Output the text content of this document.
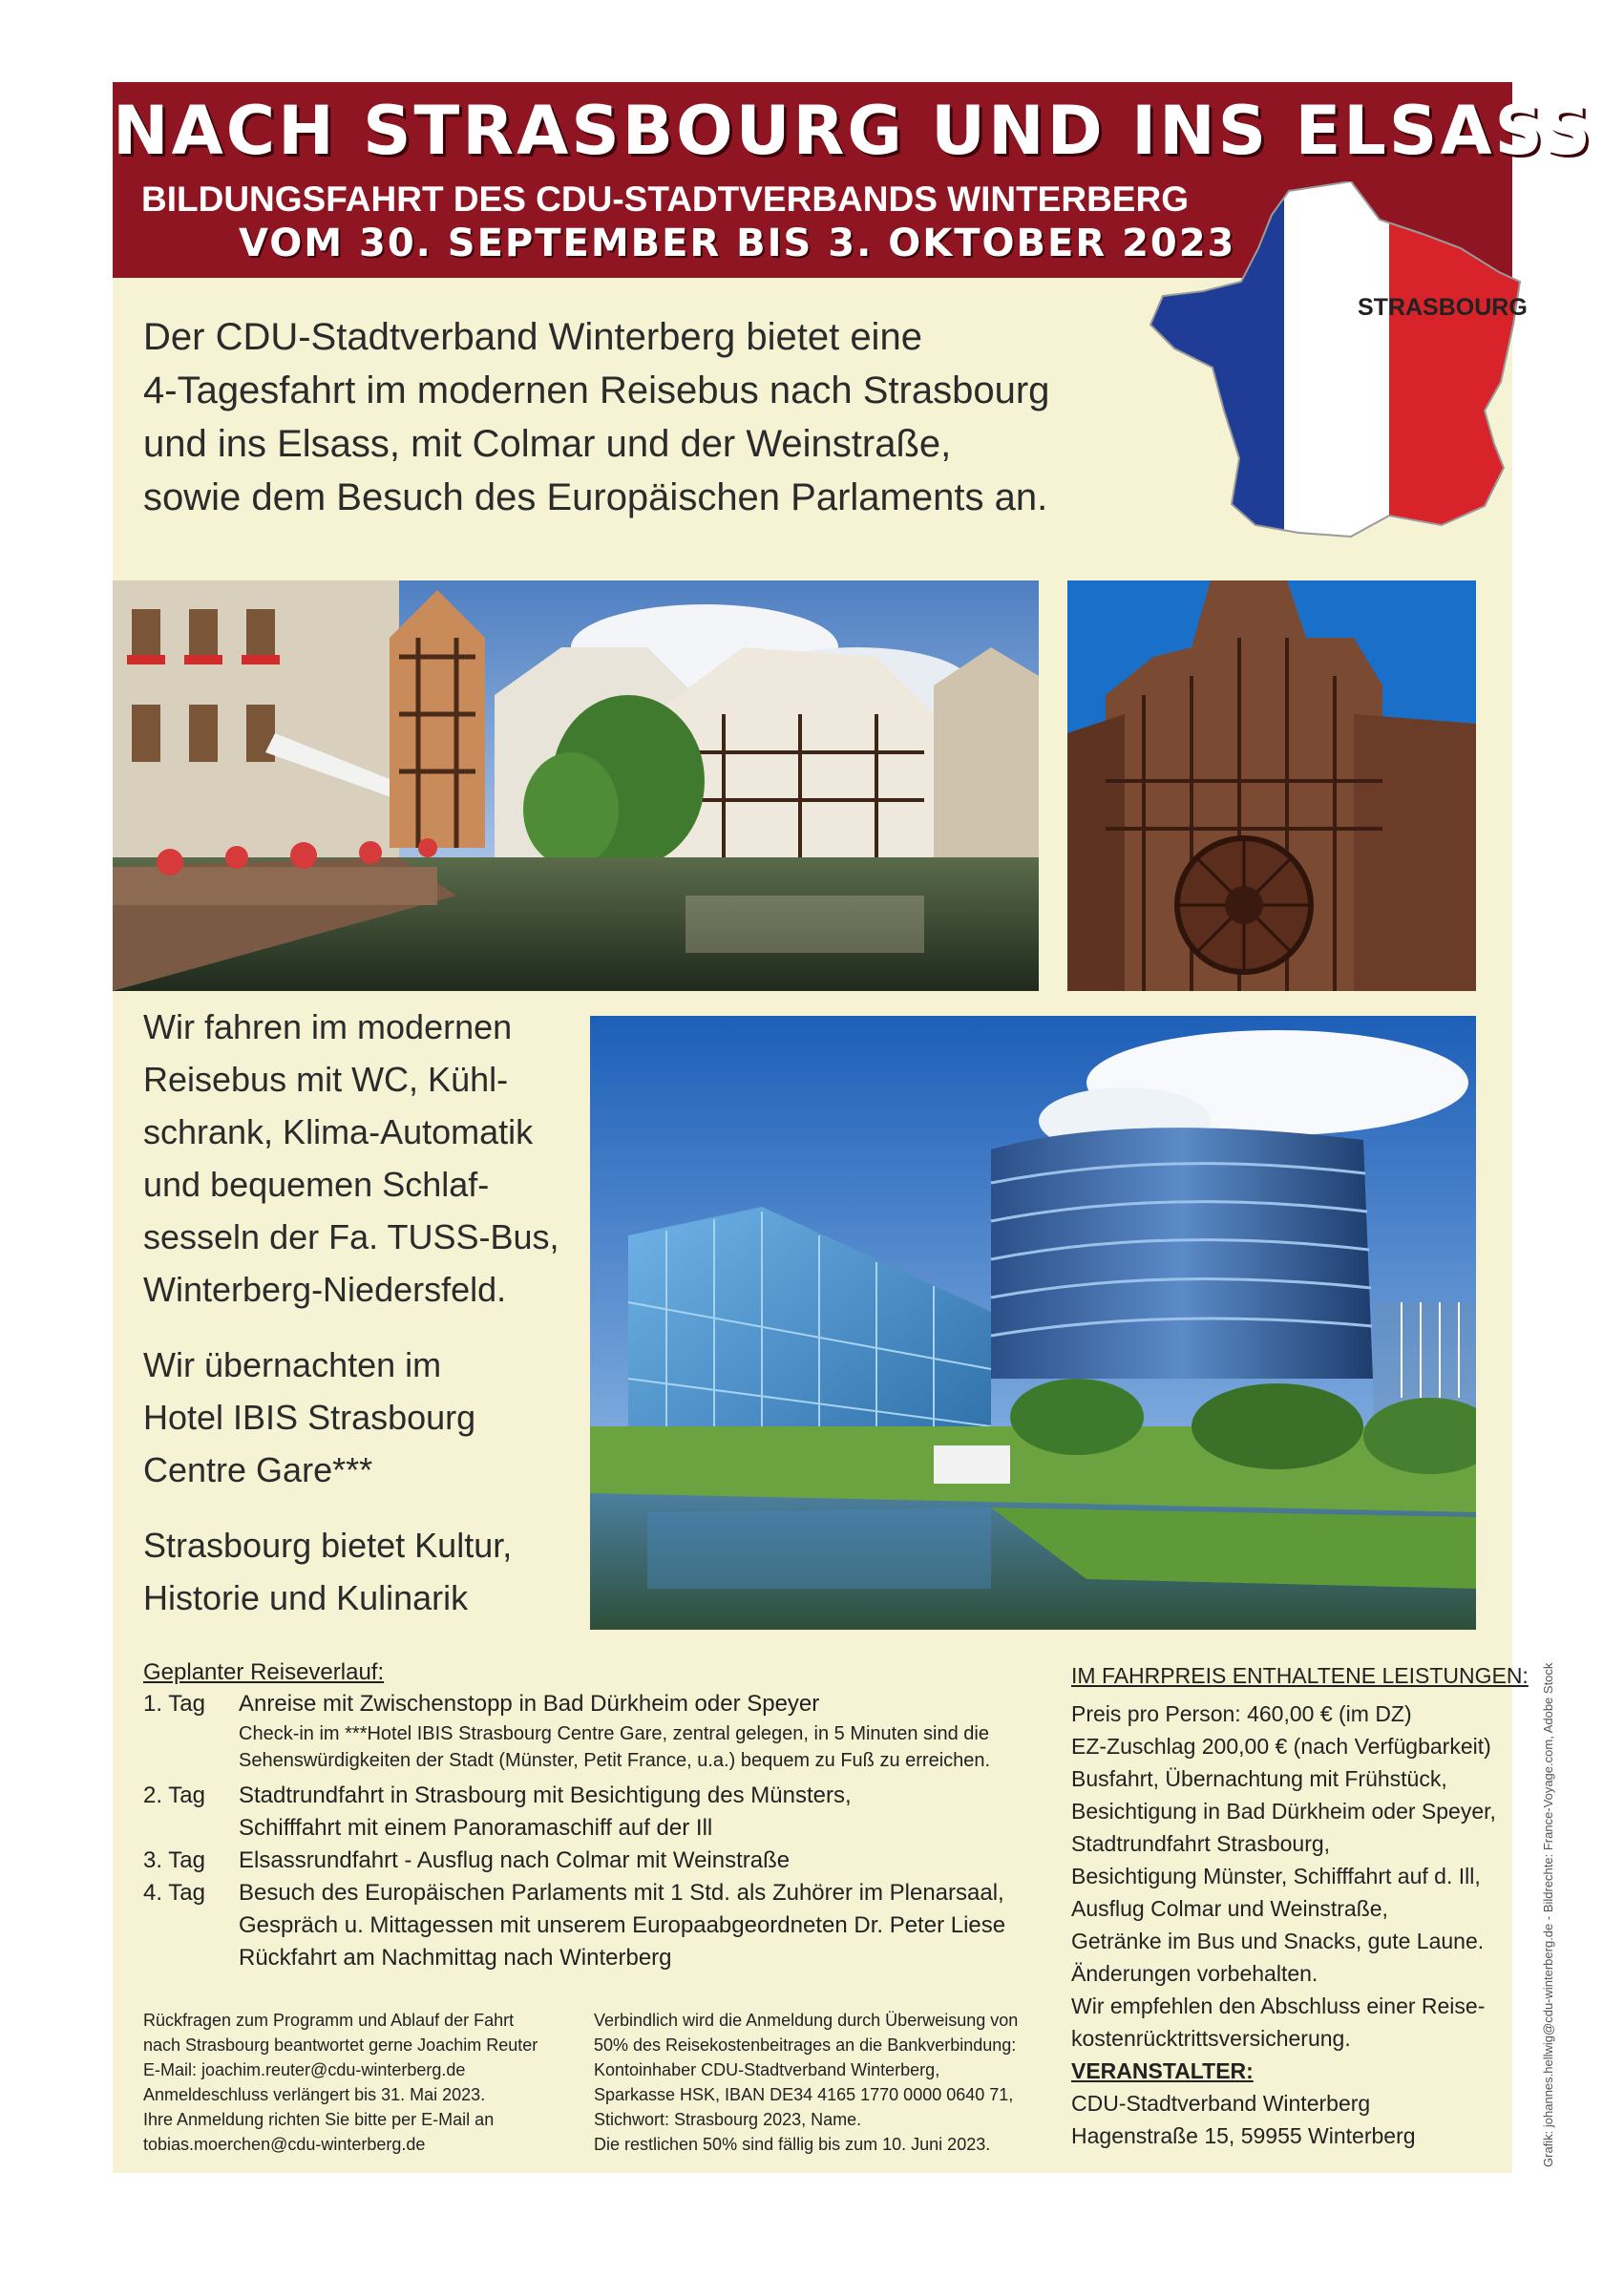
NACH STRASBOURG UND INS ELSASS
BILDUNGSFAHRT DES CDU-STADTVERBANDS WINTERBERG
VOM 30. SEPTEMBER BIS 3. OKTOBER 2023
STRASBOURG
Der CDU-Stadtverband Winterberg bietet eine
4-Tagesfahrt im modernen Reisebus nach Strasbourg
und ins Elsass, mit Colmar und der Weinstraße,
sowie dem Besuch des Europäischen Parlaments an.
Wir fahren im modernen
Reisebus mit WC, Kühl-
schrank, Klima-Automatik
und bequemen Schlaf-
sesseln der Fa. TUSS-Bus,
Winterberg-Niedersfeld.
Wir übernachten im
Hotel IBIS Strasbourg
Centre Gare***
Strasbourg bietet Kultur,
Historie und Kulinarik
Geplanter Reiseverlauf:
1. Tag	Anreise mit Zwischenstopp in Bad Dürkheim oder Speyer
Check-in im ***Hotel IBIS Strasbourg Centre Gare, zentral gelegen, in 5 Minuten sind die
Sehenswürdigkeiten der Stadt (Münster, Petit France, u.a.) bequem zu Fuß zu erreichen.
2. Tag	Stadtrundfahrt in Strasbourg mit Besichtigung des Münsters,
Schifffahrt mit einem Panoramaschiff auf der Ill
3. Tag	Elsassrundfahrt - Ausflug nach Colmar mit Weinstraße
4. Tag	Besuch des Europäischen Parlaments mit 1 Std. als Zuhörer im Plenarsaal,
Gespräch u. Mittagessen mit unserem Europaabgeordneten Dr. Peter Liese
Rückfahrt am Nachmittag nach Winterberg
Rückfragen zum Programm und Ablauf der Fahrt
nach Strasbourg beantwortet gerne Joachim Reuter
E-Mail: joachim.reuter@cdu-winterberg.de
Anmeldeschluss verlängert bis 31. Mai 2023.
Ihre Anmeldung richten Sie bitte per E-Mail an
tobias.moerchen@cdu-winterberg.de
Verbindlich wird die Anmeldung durch Überweisung von
50% des Reisekostenbeitrages an die Bankverbindung:
Kontoinhaber CDU-Stadtverband Winterberg,
Sparkasse HSK, IBAN DE34 4165 1770 0000 0640 71,
Stichwort: Strasbourg 2023, Name.
Die restlichen 50% sind fällig bis zum 10. Juni 2023.
IM FAHRPREIS ENTHALTENE LEISTUNGEN:
Preis pro Person: 460,00 € (im DZ)
EZ-Zuschlag 200,00 € (nach Verfügbarkeit)
Busfahrt, Übernachtung mit Frühstück,
Besichtigung in Bad Dürkheim oder Speyer,
Stadtrundfahrt Strasbourg,
Besichtigung Münster, Schifffahrt auf d. Ill,
Ausflug Colmar und Weinstraße,
Getränke im Bus und Snacks, gute Laune.
Änderungen vorbehalten.
Wir empfehlen den Abschluss einer Reise-
kostenrücktrittsversicherung.
VERANSTALTER:
CDU-Stadtverband Winterberg
Hagenstraße 15, 59955 Winterberg	Grafik: johannes.hellwig@cdu-winterberg.de - Bildrechte: France-Voyage.com, Adobe Stock
